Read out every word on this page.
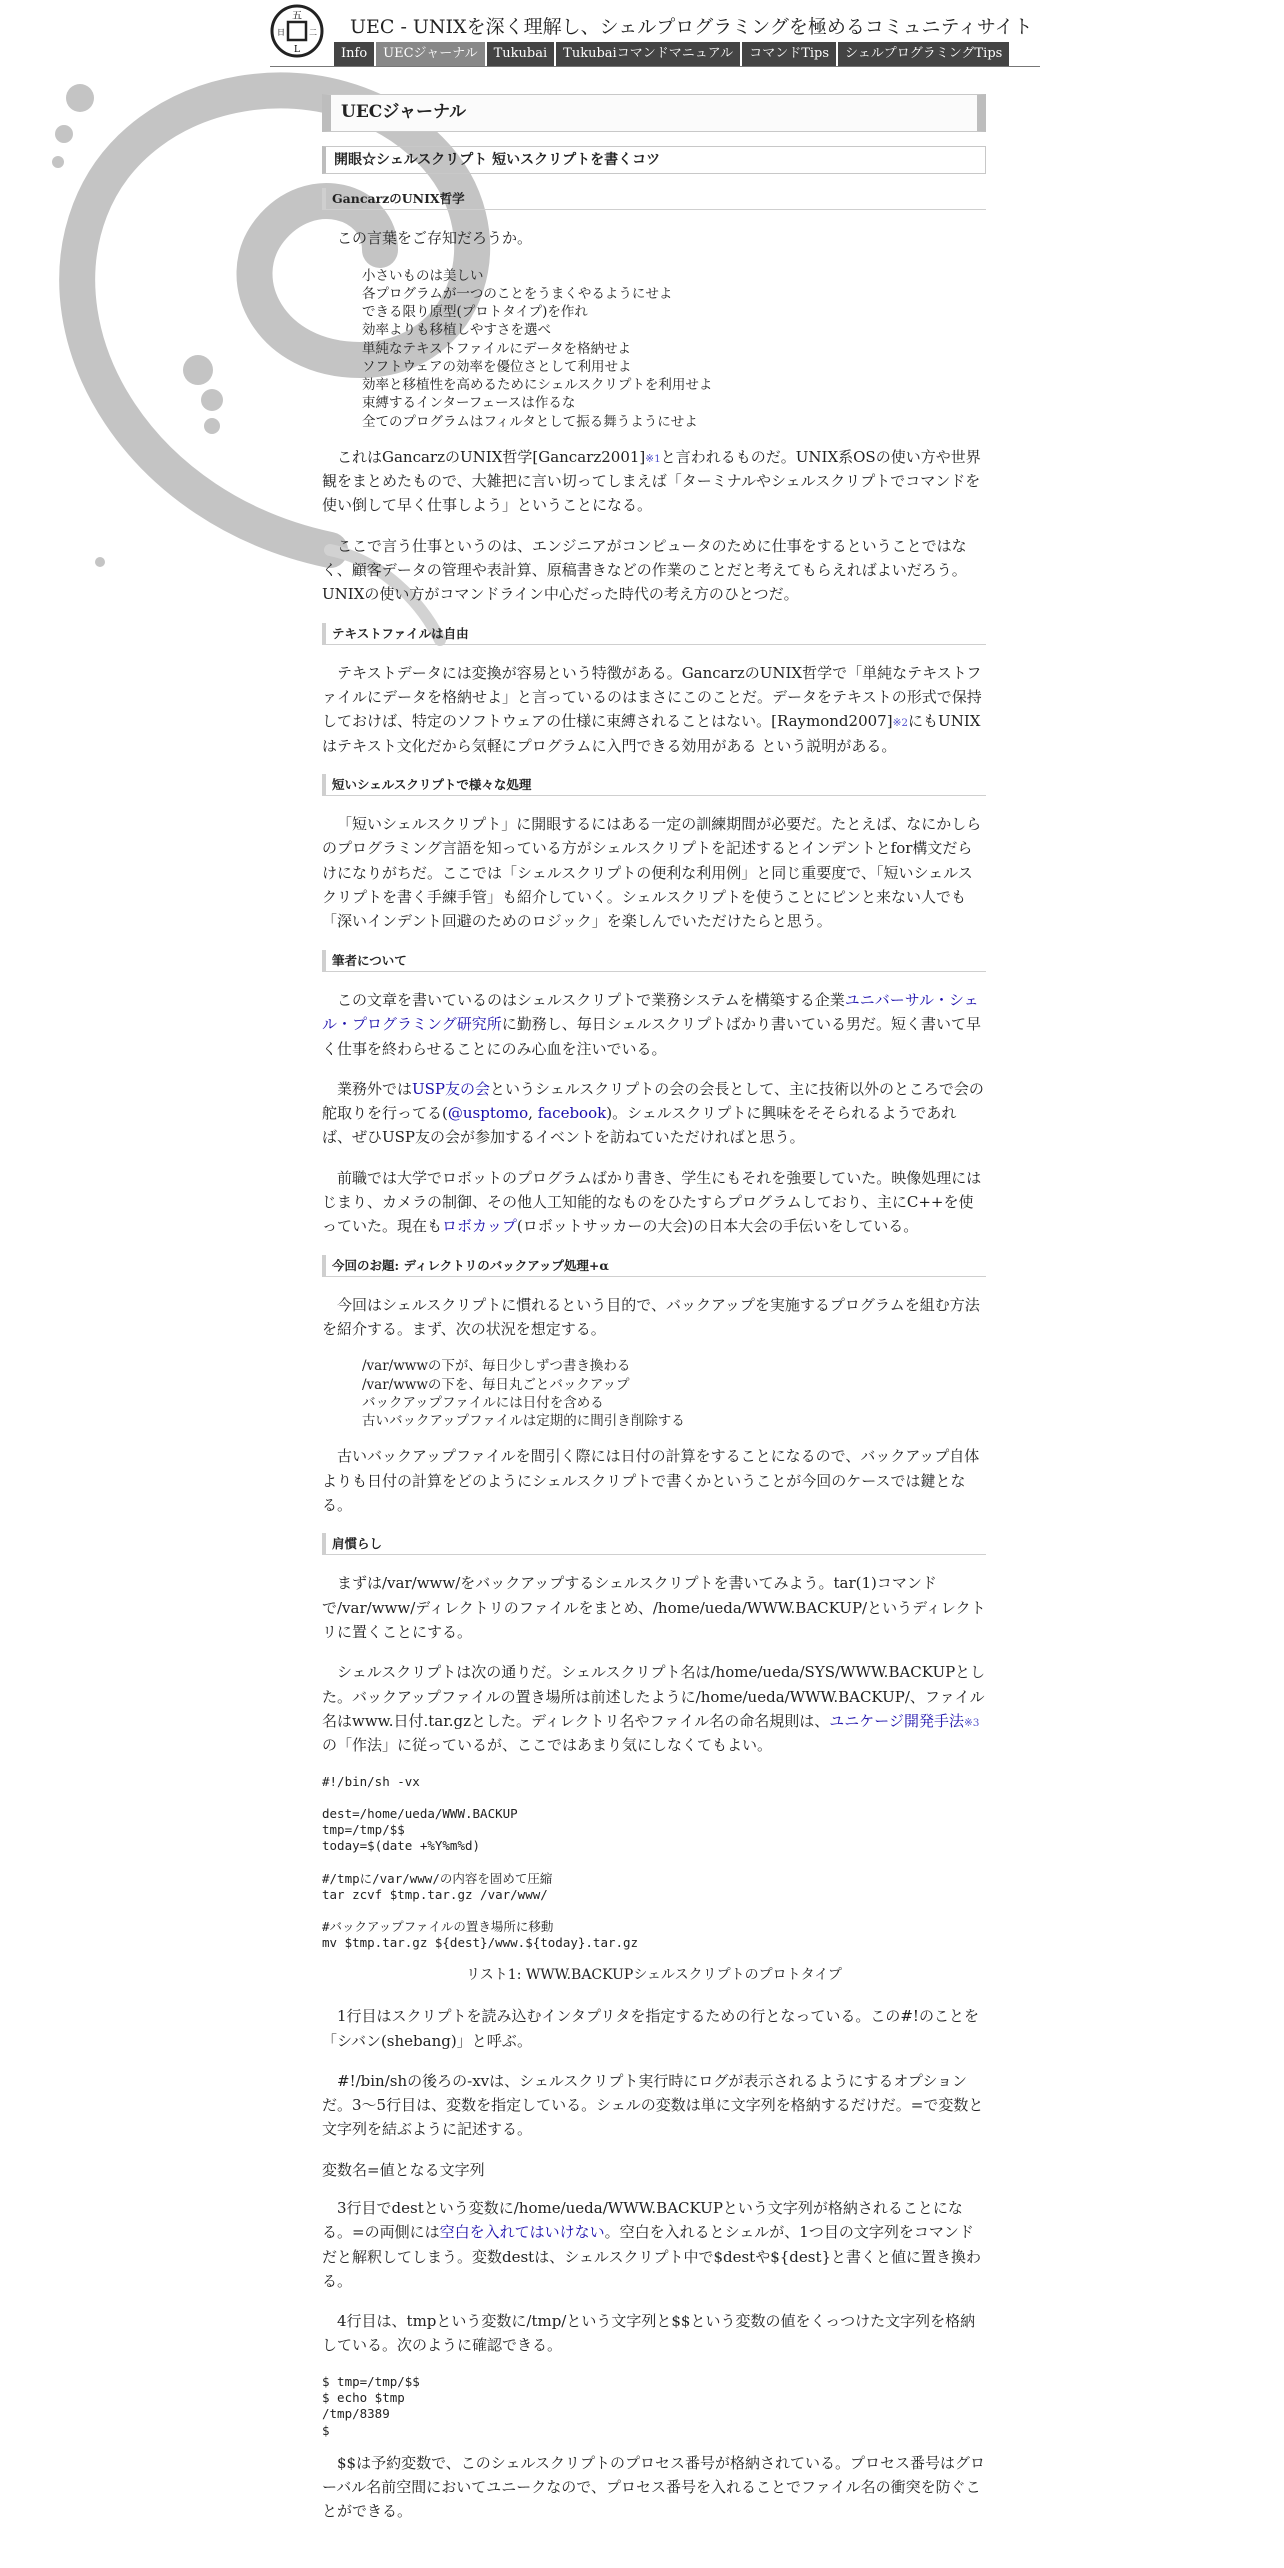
五
日	二
L
UEC - UNIXを深く理解し、シェルプログラミングを極めるコミュニティサイト
Info	UECジャーナル	Tukubai	Tukubaiコマンドマニュアル	コマンドTips	シェルプログラミングTips
UECジャーナル
開眼☆シェルスクリプト 短いスクリプトを書くコツ
GancarzのUNIX哲学

この言葉をご存知だろうか。

小さいものは美しい
各プログラムが一つのことをうまくやるようにせよ
できる限り原型(プロトタイプ)を作れ
効率よりも移植しやすさを選べ
単純なテキストファイルにデータを格納せよ
ソフトウェアの効率を優位さとして利用せよ
効率と移植性を高めるためにシェルスクリプトを利用せよ
束縛するインターフェースは作るな
全てのプログラムはフィルタとして振る舞うようにせよ

これはGancarzのUNIX哲学[Gancarz2001]※1と言われるものだ。UNIX系OSの使い方や世界観をまとめたもので、大雑把に言い切ってしまえば「ターミナルやシェルスクリプトでコマンドを使い倒して早く仕事しよう」ということになる。

ここで言う仕事というのは、エンジニアがコンピュータのために仕事をするということではなく、顧客データの管理や表計算、原稿書きなどの作業のことだと考えてもらえればよいだろう。UNIXの使い方がコマンドライン中心だった時代の考え方のひとつだ。

テキストファイルは自由

テキストデータには変換が容易という特徴がある。GancarzのUNIX哲学で「単純なテキストファイルにデータを格納せよ」と言っているのはまさにこのことだ。データをテキストの形式で保持しておけば、特定のソフトウェアの仕様に束縛されることはない。[Raymond2007]※2にもUNIXはテキスト文化だから気軽にプログラムに入門できる効用がある という説明がある。

短いシェルスクリプトで様々な処理

「短いシェルスクリプト」に開眼するにはある一定の訓練期間が必要だ。たとえば、なにかしらのプログラミング言語を知っている方がシェルスクリプトを記述するとインデントとfor構文だらけになりがちだ。ここでは「シェルスクリプトの便利な利用例」と同じ重要度で、「短いシェルスクリプトを書く手練手管」も紹介していく。シェルスクリプトを使うことにピンと来ない人でも「深いインデント回避のためのロジック」を楽しんでいただけたらと思う。

筆者について

この文章を書いているのはシェルスクリプトで業務システムを構築する企業ユニバーサル・シェル・プログラミング研究所に勤務し、毎日シェルスクリプトばかり書いている男だ。短く書いて早く仕事を終わらせることにのみ心血を注いでいる。

業務外ではUSP友の会というシェルスクリプトの会の会長として、主に技術以外のところで会の舵取りを行ってる(@usptomo, facebook)。シェルスクリプトに興味をそそられるようであれば、ぜひUSP友の会が参加するイベントを訪ねていただければと思う。

前職では大学でロボットのプログラムばかり書き、学生にもそれを強要していた。映像処理にはじまり、カメラの制御、その他人工知能的なものをひたすらプログラムしており、主にC++を使っていた。現在もロボカップ(ロボットサッカーの大会)の日本大会の手伝いをしている。

今回のお題: ディレクトリのバックアップ処理+α

今回はシェルスクリプトに慣れるという目的で、バックアップを実施するプログラムを組む方法を紹介する。まず、次の状況を想定する。

/var/wwwの下が、毎日少しずつ書き換わる
/var/wwwの下を、毎日丸ごとバックアップ
バックアップファイルには日付を含める
古いバックアップファイルは定期的に間引き削除する

古いバックアップファイルを間引く際には日付の計算をすることになるので、バックアップ自体よりも日付の計算をどのようにシェルスクリプトで書くかということが今回のケースでは鍵となる。

肩慣らし

まずは/var/www/をバックアップするシェルスクリプトを書いてみよう。tar(1)コマンドで/var/www/ディレクトリのファイルをまとめ、/home/ueda/WWW.BACKUP/というディレクトリに置くことにする。

シェルスクリプトは次の通りだ。シェルスクリプト名は/home/ueda/SYS/WWW.BACKUPとした。バックアップファイルの置き場所は前述したように/home/ueda/WWW.BACKUP/、ファイル名はwww.日付.tar.gzとした。ディレクトリ名やファイル名の命名規則は、ユニケージ開発手法※3の「作法」に従っているが、ここではあまり気にしなくてもよい。

#!/bin/sh -vx
dest=/home/ueda/WWW.BACKUP
tmp=/tmp/$$
today=$(date +%Y%m%d)
#/tmpに/var/www/の内容を固めて圧縮
tar zcvf $tmp.tar.gz /var/www/
#バックアップファイルの置き場所に移動
mv $tmp.tar.gz ${dest}/www.${today}.tar.gz
リスト1: WWW.BACKUPシェルスクリプトのプロトタイプ

1行目はスクリプトを読み込むインタプリタを指定するための行となっている。この#!のことを「シバン(shebang)」と呼ぶ。

#!/bin/shの後ろの-xvは、シェルスクリプト実行時にログが表示されるようにするオプションだ。3～5行目は、変数を指定している。シェルの変数は単に文字列を格納するだけだ。=で変数と文字列を結ぶように記述する。

変数名=値となる文字列

3行目でdestという変数に/home/ueda/WWW.BACKUPという文字列が格納されることになる。=の両側には空白を入れてはいけない。空白を入れるとシェルが、1つ目の文字列をコマンドだと解釈してしまう。変数destは、シェルスクリプト中で$destや${dest}と書くと値に置き換わる。

4行目は、tmpという変数に/tmp/という文字列と$$という変数の値をくっつけた文字列を格納している。次のように確認できる。

$ tmp=/tmp/$$
$ echo $tmp
/tmp/8389
$

$$は予約変数で、このシェルスクリプトのプロセス番号が格納されている。プロセス番号はグローバル名前空間においてユニークなので、プロセス番号を入れることでファイル名の衝突を防ぐことができる。
